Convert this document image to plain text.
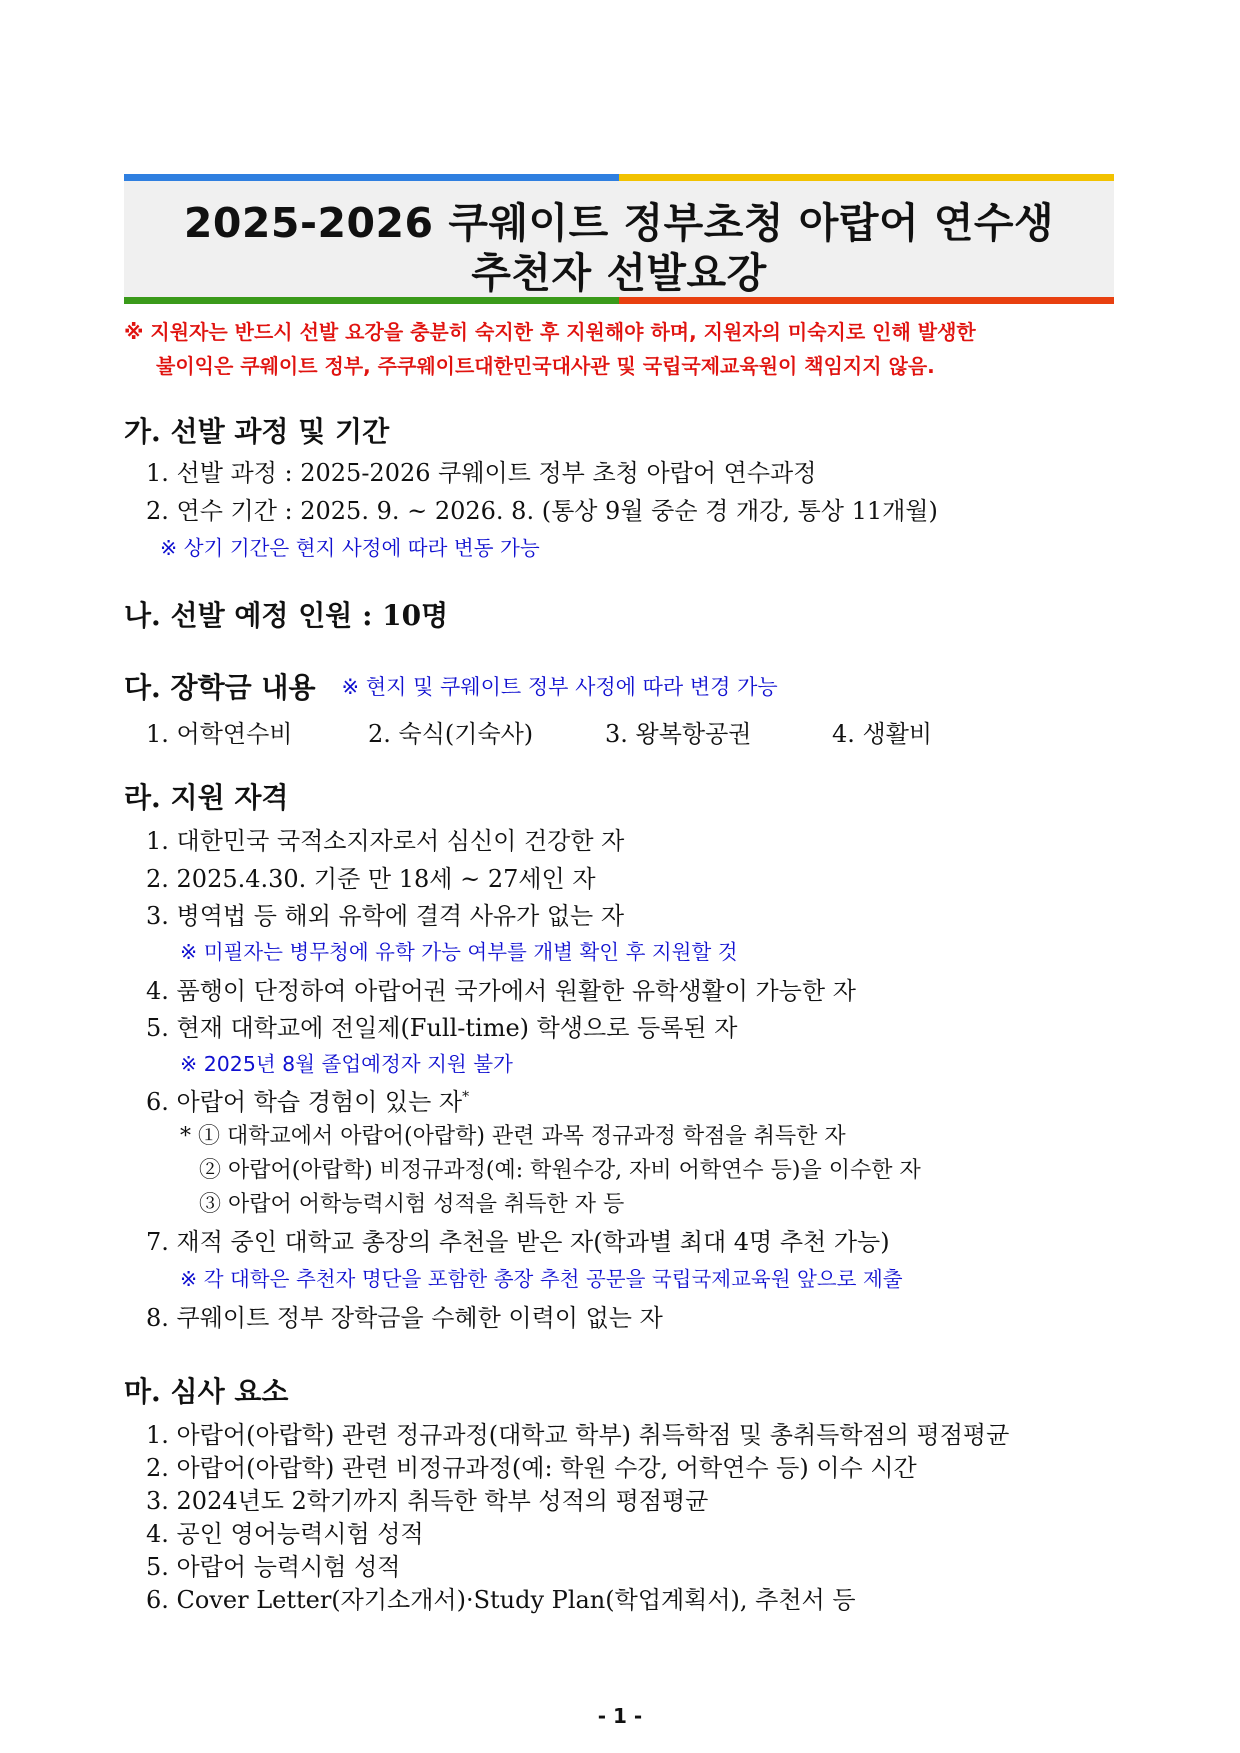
2025-2026 쿠웨이트 정부초청 아랍어 연수생
추천자 선발요강
※ 지원자는 반드시 선발 요강을 충분히 숙지한 후 지원해야 하며, 지원자의 미숙지로 인해 발생한
불이익은 쿠웨이트 정부, 주쿠웨이트대한민국대사관 및 국립국제교육원이 책임지지 않음.
가. 선발 과정 및 기간
1. 선발 과정 : 2025-2026 쿠웨이트 정부 초청 아랍어 연수과정
2. 연수 기간 : 2025. 9. ~ 2026. 8. (통상 9월 중순 경 개강, 통상 11개월)
※ 상기 기간은 현지 사정에 따라 변동 가능
나. 선발 예정 인원 : 10명
다. 장학금 내용 ※ 현지 및 쿠웨이트 정부 사정에 따라 변경 가능
1. 어학연수비	2. 숙식(기숙사)	3. 왕복항공권	4. 생활비
라. 지원 자격
1. 대한민국 국적소지자로서 심신이 건강한 자
2. 2025.4.30. 기준 만 18세 ~ 27세인 자
3. 병역법 등 해외 유학에 결격 사유가 없는 자
※ 미필자는 병무청에 유학 가능 여부를 개별 확인 후 지원할 것
4. 품행이 단정하여 아랍어권 국가에서 원활한 유학생활이 가능한 자
5. 현재 대학교에 전일제(Full-time) 학생으로 등록된 자
※ 2025년 8월 졸업예정자 지원 불가
6. 아랍어 학습 경험이 있는 자*
* ① 대학교에서 아랍어(아랍학) 관련 과목 정규과정 학점을 취득한 자
② 아랍어(아랍학) 비정규과정(예: 학원수강, 자비 어학연수 등)을 이수한 자
③ 아랍어 어학능력시험 성적을 취득한 자 등
7. 재적 중인 대학교 총장의 추천을 받은 자(학과별 최대 4명 추천 가능)
※ 각 대학은 추천자 명단을 포함한 총장 추천 공문을 국립국제교육원 앞으로 제출
8. 쿠웨이트 정부 장학금을 수혜한 이력이 없는 자
마. 심사 요소
1. 아랍어(아랍학) 관련 정규과정(대학교 학부) 취득학점 및 총취득학점의 평점평균
2. 아랍어(아랍학) 관련 비정규과정(예: 학원 수강, 어학연수 등) 이수 시간
3. 2024년도 2학기까지 취득한 학부 성적의 평점평균
4. 공인 영어능력시험 성적
5. 아랍어 능력시험 성적
6. Cover Letter(자기소개서)·Study Plan(학업계획서), 추천서 등
- 1 -
